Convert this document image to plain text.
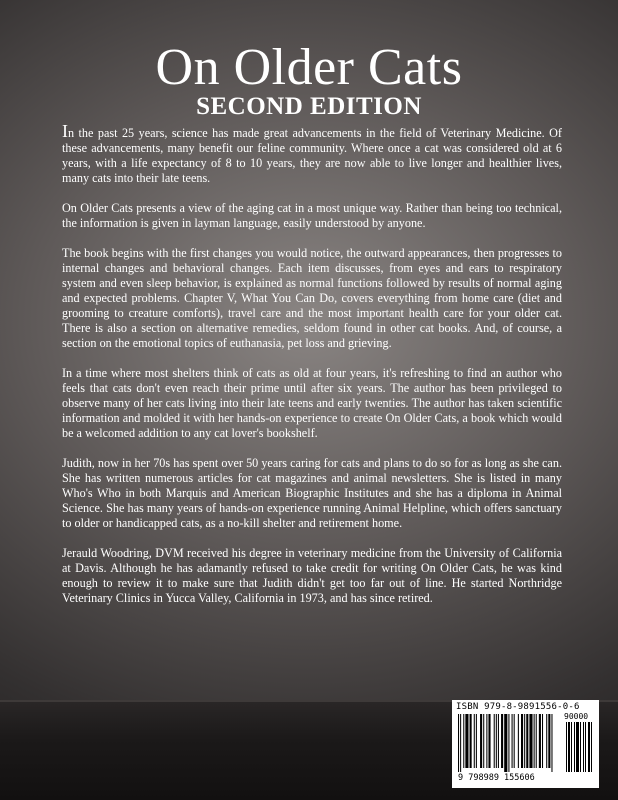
On Older Cats
SECOND EDITION

In the past 25 years, science has made great advancements in the field of Veterinary Medicine. Of these advancements, many benefit our feline community. Where once a cat was considered old at 6 years, with a life expectancy of 8 to 10 years, they are now able to live longer and healthier lives, many cats into their late teens.

On Older Cats presents a view of the aging cat in a most unique way. Rather than being too technical, the information is given in layman language, easily understood by anyone.

The book begins with the first changes you would notice, the outward appearances, then progresses to internal changes and behavioral changes. Each item discusses, from eyes and ears to respiratory system and even sleep behavior, is explained as normal functions followed by results of normal aging and expected problems. Chapter V, What You Can Do, covers everything from home care (diet and grooming to creature comforts), travel care and the most important health care for your older cat. There is also a section on alternative remedies, seldom found in other cat books. And, of course, a section on the emotional topics of euthanasia, pet loss and grieving.

In a time where most shelters think of cats as old at four years, it's refreshing to find an author who feels that cats don't even reach their prime until after six years. The author has been privileged to observe many of her cats living into their late teens and early twenties. The author has taken scientific information and molded it with her hands-on experience to create On Older Cats, a book which would be a welcomed addition to any cat lover's bookshelf.

Judith, now in her 70s has spent over 50 years caring for cats and plans to do so for as long as she can. She has written numerous articles for cat magazines and animal newsletters. She is listed in many Who's Who in both Marquis and American Biographic Institutes and she has a diploma in Animal Science. She has many years of hands-on experience running Animal Helpline, which offers sanctuary to older or handicapped cats, as a no-kill shelter and retirement home.

Jerauld Woodring, DVM received his degree in veterinary medicine from the University of California at Davis. Although he has adamantly refused to take credit for writing On Older Cats, he was kind enough to review it to make sure that Judith didn't get too far out of line. He started Northridge Veterinary Clinics in Yucca Valley, California in 1973, and has since retired.

ISBN 979-8-9891556-0-6
90000
9 798989 155606
